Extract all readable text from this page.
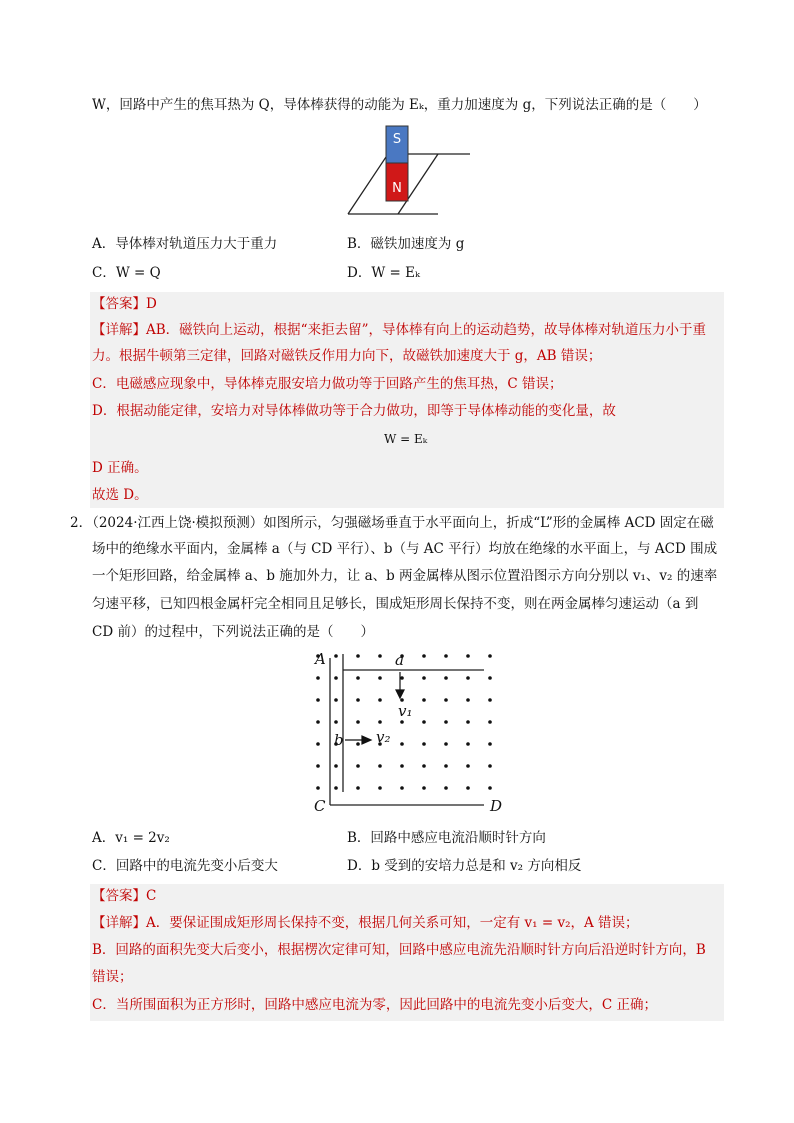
W，回路中产生的焦耳热为 Q，导体棒获得的动能为 Eₖ，重力加速度为 g，下列说法正确的是（　　）
S
N
A．导体棒对轨道压力大于重力	B．磁铁加速度为 g
C．W = Q	D．W = Eₖ
【答案】D
【详解】AB．磁铁向上运动，根据“来拒去留”，导体棒有向上的运动趋势，故导体棒对轨道压力小于重
力。根据牛顿第三定律，回路对磁铁反作用力向下，故磁铁加速度大于 g，AB 错误；
C．电磁感应现象中，导体棒克服安培力做功等于回路产生的焦耳热，C 错误；
D．根据动能定律，安培力对导体棒做功等于合力做功，即等于导体棒动能的变化量，故
W = Eₖ
D 正确。
故选 D。
2．（2024·江西上饶·模拟预测）如图所示，匀强磁场垂直于水平面向上，折成“L”形的金属棒 ACD 固定在磁
场中的绝缘水平面内，金属棒 a（与 CD 平行）、b（与 AC 平行）均放在绝缘的水平面上，与 ACD 围成
一个矩形回路，给金属棒 a、b 施加外力，让 a、b 两金属棒从图示位置沿图示方向分别以 v₁、v₂ 的速率
匀速平移，已知四根金属杆完全相同且足够长，围成矩形周长保持不变，则在两金属棒匀速运动（a 到
CD 前）的过程中，下列说法正确的是（　　）
A	a
v₁
b v₂
C	D
A．v₁ = 2v₂	B．回路中感应电流沿顺时针方向
C．回路中的电流先变小后变大	D．b 受到的安培力总是和 v₂ 方向相反
【答案】C
【详解】A．要保证围成矩形周长保持不变，根据几何关系可知，一定有 v₁ = v₂，A 错误；
B．回路的面积先变大后变小，根据楞次定律可知，回路中感应电流先沿顺时针方向后沿逆时针方向，B
错误；
C．当所围面积为正方形时，回路中感应电流为零，因此回路中的电流先变小后变大，C 正确；
